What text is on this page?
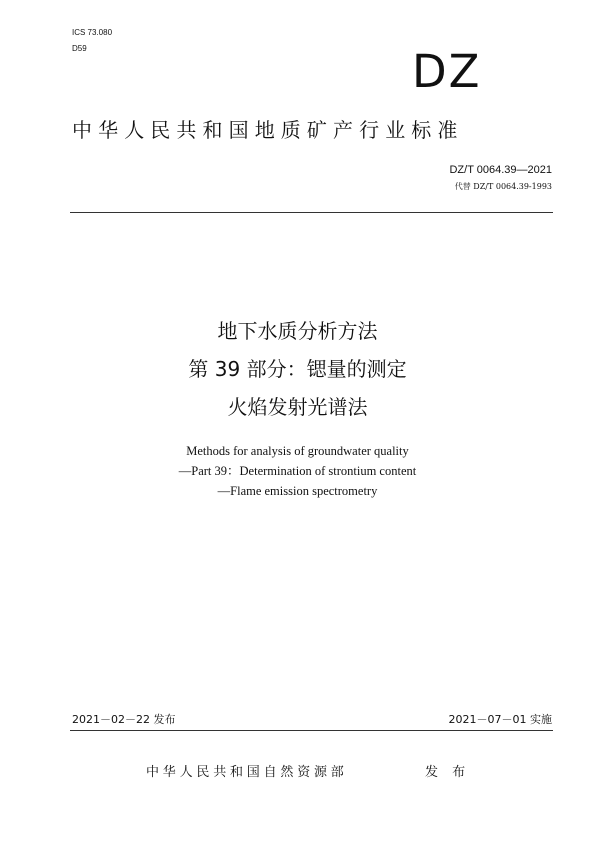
ICS 73.080
D59	DZ
中华人民共和国地质矿产行业标准
DZ/T 0064.39—2021
代替 DZ/T 0064.39-1993
地下水质分析方法
第 39 部分：锶量的测定
火焰发射光谱法
Methods for analysis of groundwater quality
—Part 39：Determination of strontium content
—Flame emission spectrometry
2021－02－22 发布	2021－07－01 实施
中华人民共和国自然资源部	发 布
